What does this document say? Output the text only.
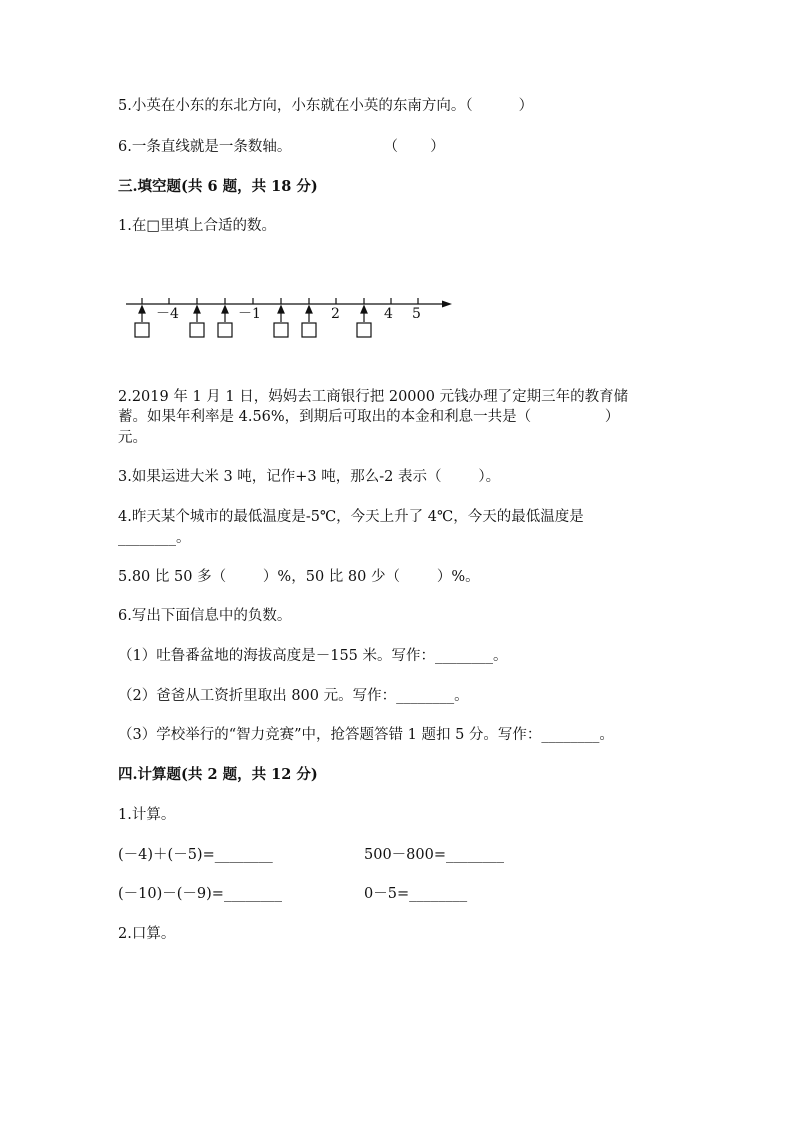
5.小英在小东的东北方向，小东就在小英的东南方向。（          ）
6.一条直线就是一条数轴。                    （       ）
三.填空题(共 6 题，共 18 分)
1.在□里填上合适的数。
－4	－1	2	4 5
2.2019 年 1 月 1 日，妈妈去工商银行把 20000 元钱办理了定期三年的教育储
蓄。如果年利率是 4.56%，到期后可取出的本金和利息一共是（                ）
元。
3.如果运进大米 3 吨，记作+3 吨，那么-2 表示（        ）。
4.昨天某个城市的最低温度是-5℃，今天上升了 4℃，今天的最低温度是
________。
5.80 比 50 多（        ）%，50 比 80 少（        ）%。
6.写出下面信息中的负数。
（1）吐鲁番盆地的海拔高度是－155 米。写作：________。
（2）爸爸从工资折里取出 800 元。写作：________。
（3）学校举行的“智力竞赛”中，抢答题答错 1 题扣 5 分。写作：________。
四.计算题(共 2 题，共 12 分)
1.计算。
(－4)＋(－5)=________	500－800=________
(－10)－(－9)=________	0－5=________
2.口算。
